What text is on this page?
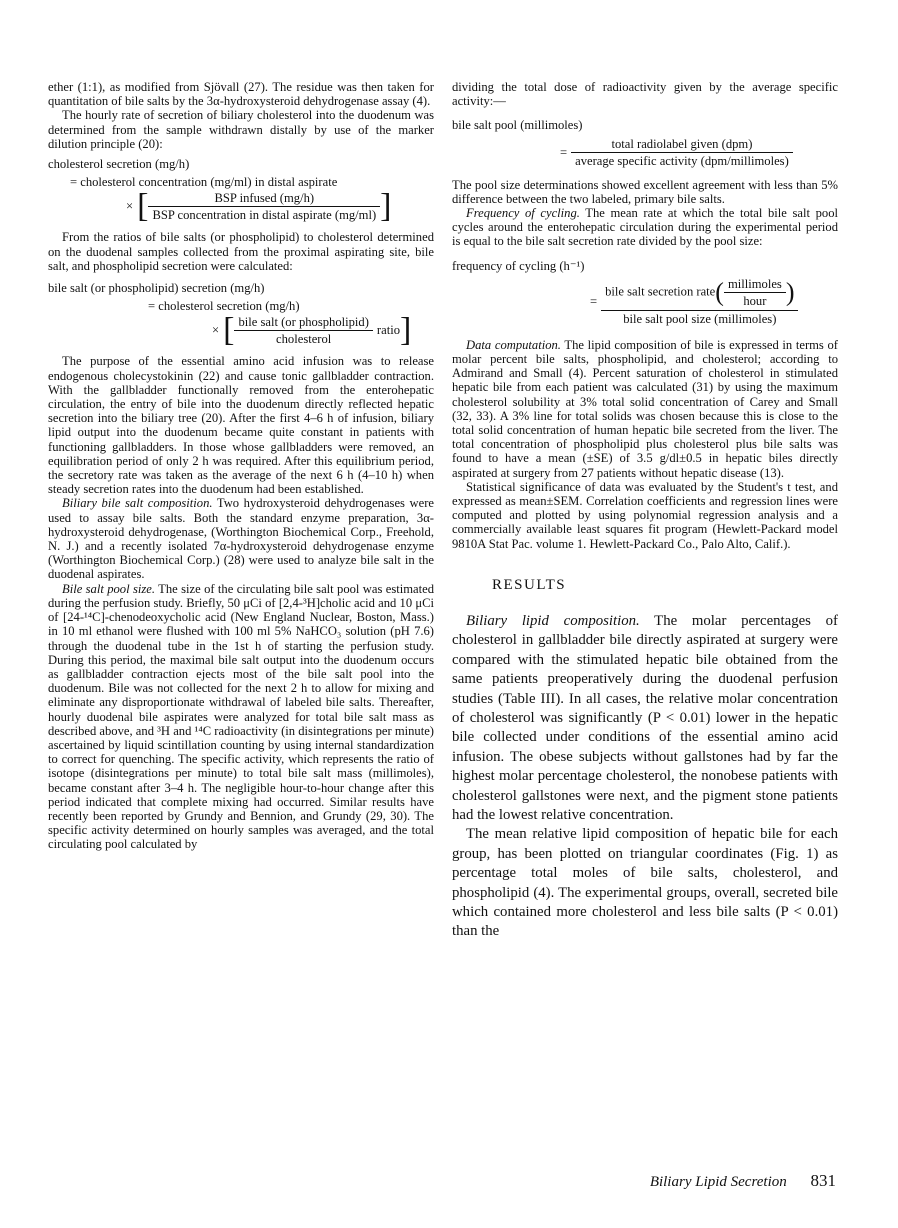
ether (1:1), as modified from Sjövall (27). The residue was then taken for quantitation of bile salts by the 3α-hydroxysteroid dehydrogenase assay (4).

The hourly rate of secretion of biliary cholesterol into the duodenum was determined from the sample withdrawn distally by use of the marker dilution principle (20):

cholesterol secretion (mg/h)
= cholesterol concentration (mg/ml) in distal aspirate
× [ $\frac{\text{BSP infused (mg/h)}}{\text{BSP concentration in distal aspirate (mg/ml)}}$ ]

From the ratios of bile salts (or phospholipid) to cholesterol determined on the duodenal samples collected from the proximal aspirating site, bile salt, and phospholipid secretion were calculated:

bile salt (or phospholipid) secretion (mg/h)
= cholesterol secretion (mg/h)
× [ $\frac{\text{bile salt (or phospholipid)}}{\text{cholesterol}}$ ratio]

The purpose of the essential amino acid infusion was to release endogenous cholecystokinin (22) and cause tonic gallbladder contraction. With the gallbladder functionally removed from the enterohepatic circulation, the entry of bile into the duodenum directly reflected hepatic secretion into the biliary tree (20). After the first 4–6 h of infusion, biliary lipid output into the duodenum became quite constant in patients with functioning gallbladders. In those whose gallbladders were removed, an equilibration period of only 2 h was required. After this equilibrium period, the secretory rate was taken as the average of the next 6 h (4–10 h) when steady secretion rates into the duodenum had been established.

Biliary bile salt composition. Two hydroxysteroid dehydrogenases were used to assay bile salts. Both the standard enzyme preparation, 3α-hydroxysteroid dehydrogenase, (Worthington Biochemical Corp., Freehold, N. J.) and a recently isolated 7α-hydroxysteroid dehydrogenase enzyme (Worthington Biochemical Corp.) (28) were used to analyze bile salt in the duodenal aspirates.

Bile salt pool size. The size of the circulating bile salt pool was estimated during the perfusion study. Briefly, 50 μCi of [2,4-³H]cholic acid and 10 μCi of [24-¹⁴C]-chenodeoxycholic acid (New England Nuclear, Boston, Mass.) in 10 ml ethanol were flushed with 100 ml 5% NaHCO₃ solution (pH 7.6) through the duodenal tube in the 1st h of starting the perfusion study. During this period, the maximal bile salt output into the duodenum occurs as gallbladder contraction ejects most of the bile salt pool into the duodenum. Bile was not collected for the next 2 h to allow for mixing and eliminate any disproportionate withdrawal of labeled bile salts. Thereafter, hourly duodenal bile aspirates were analyzed for total bile salt mass as described above, and ³H and ¹⁴C radioactivity (in disintegrations per minute) ascertained by liquid scintillation counting by using internal standardization to correct for quenching. The specific activity, which represents the ratio of isotope (disintegrations per minute) to total bile salt mass (millimoles), became constant after 3–4 h. The negligible hour-to-hour change after this period indicated that complete mixing had occurred. Similar results have recently been reported by Grundy and Bennion, and Grundy (29, 30). The specific activity determined on hourly samples was averaged, and the total circulating pool calculated by

dividing the total dose of radioactivity given by the average specific activity:—

bile salt pool (millimoles)
= $\frac{\text{total radiolabel given (dpm)}}{\text{average specific activity (dpm/millimoles)}}$

The pool size determinations showed excellent agreement with less than 5% difference between the two labeled, primary bile salts.

Frequency of cycling. The mean rate at which the total bile salt pool cycles around the enterohepatic circulation during the experimental period is equal to the bile salt secretion rate divided by the pool size:

frequency of cycling (h⁻¹)
= $\frac{bile salt secretion rate( \frac{\text{millimoles}}{\text{hour}} )}{\text{bile salt pool size (millimoles)}}$

Data computation. The lipid composition of bile is expressed in terms of molar percent bile salts, phospholipid, and cholesterol; according to Admirand and Small (4). Percent saturation of cholesterol in stimulated hepatic bile from each patient was calculated (31) by using the maximum cholesterol solubility at 3% total solid concentration of Carey and Small (32, 33). A 3% line for total solids was chosen because this is close to the total solid concentration of human hepatic bile secreted from the liver. The total concentration of phospholipid plus cholesterol plus bile salts was found to have a mean (±SE) of 3.5 g/dl±0.5 in hepatic biles directly aspirated at surgery from 27 patients without hepatic disease (13).

Statistical significance of data was evaluated by the Student's t test, and expressed as mean±SEM. Correlation coefficients and regression lines were computed and plotted by using polynomial regression analysis and a commercially available least squares fit program (Hewlett-Packard model 9810A Stat Pac. volume 1. Hewlett-Packard Co., Palo Alto, Calif.).

RESULTS

Biliary lipid composition. The molar percentages of cholesterol in gallbladder bile directly aspirated at surgery were compared with the stimulated hepatic bile obtained from the same patients preoperatively during the duodenal perfusion studies (Table III). In all cases, the relative molar concentration of cholesterol was significantly (P < 0.01) lower in the hepatic bile collected under conditions of the essential amino acid infusion. The obese subjects without gallstones had by far the highest molar percentage cholesterol, the nonobese patients with cholesterol gallstones were next, and the pigment stone patients had the lowest relative concentration.

The mean relative lipid composition of hepatic bile for each group, has been plotted on triangular coordinates (Fig. 1) as percentage total moles of bile salts, cholesterol, and phospholipid (4). The experimental groups, overall, secreted bile which contained more cholesterol and less bile salts (P < 0.01) than the

Biliary Lipid Secretion 831
